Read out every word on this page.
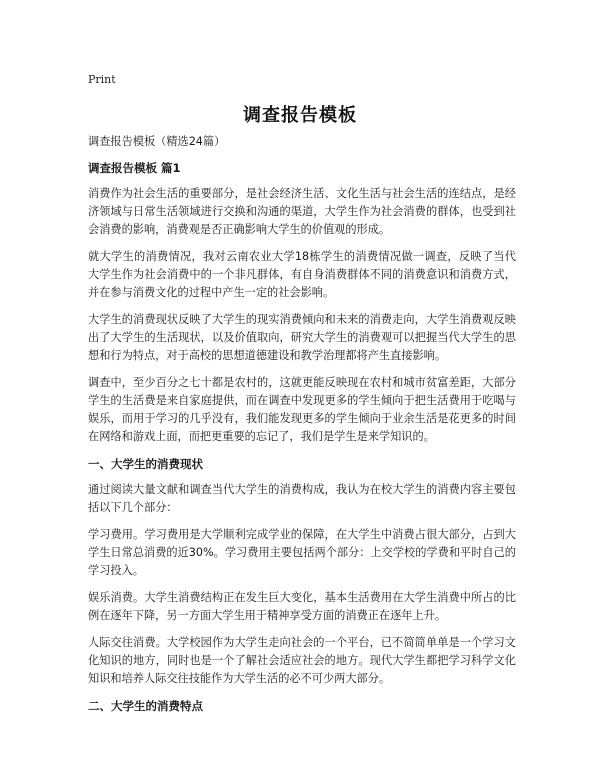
Print
调查报告模板

调查报告模板（精选24篇）

调查报告模板 篇1

消费作为社会生活的重要部分，是社会经济生活、文化生活与社会生活的连结点，是经济领域与日常生活领域进行交换和沟通的渠道，大学生作为社会消费的群体，也受到社会消费的影响，消费观是否正确影响大学生的价值观的形成。

就大学生的消费情况，我对云南农业大学18栋学生的消费情况做一调查，反映了当代大学生作为社会消费中的一个非凡群体，有自身消费群体不同的消费意识和消费方式，并在参与消费文化的过程中产生一定的社会影响。

大学生的消费现状反映了大学生的现实消费倾向和未来的消费走向，大学生消费观反映出了大学生的生活现状，以及价值取向，研究大学生的消费观可以把握当代大学生的思想和行为特点，对于高校的思想道德建设和教学治理都将产生直接影响。

调查中，至少百分之七十都是农村的，这就更能反映现在农村和城市贫富差距，大部分学生的生活费是来自家庭提供，而在调查中发现更多的学生倾向于把生活费用于吃喝与娱乐，而用于学习的几乎没有，我们能发现更多的学生倾向于业余生活是花更多的时间在网络和游戏上面，而把更重要的忘记了，我们是学生是来学知识的。

一、大学生的消费现状

通过阅读大量文献和调查当代大学生的消费构成，我认为在校大学生的消费内容主要包括以下几个部分：

学习费用。学习费用是大学顺利完成学业的保障，在大学生中消费占很大部分，占到大学生日常总消费的近30%。学习费用主要包括两个部分：上交学校的学费和平时自己的学习投入。

娱乐消费。大学生消费结构正在发生巨大变化，基本生活费用在大学生消费中所占的比例在逐年下降，另一方面大学生用于精神享受方面的消费正在逐年上升。

人际交往消费。大学校园作为大学生走向社会的一个平台，已不简简单单是一个学习文化知识的地方，同时也是一个了解社会适应社会的地方。现代大学生都把学习科学文化知识和培养人际交往技能作为大学生活的必不可少两大部分。

二、大学生的消费特点
